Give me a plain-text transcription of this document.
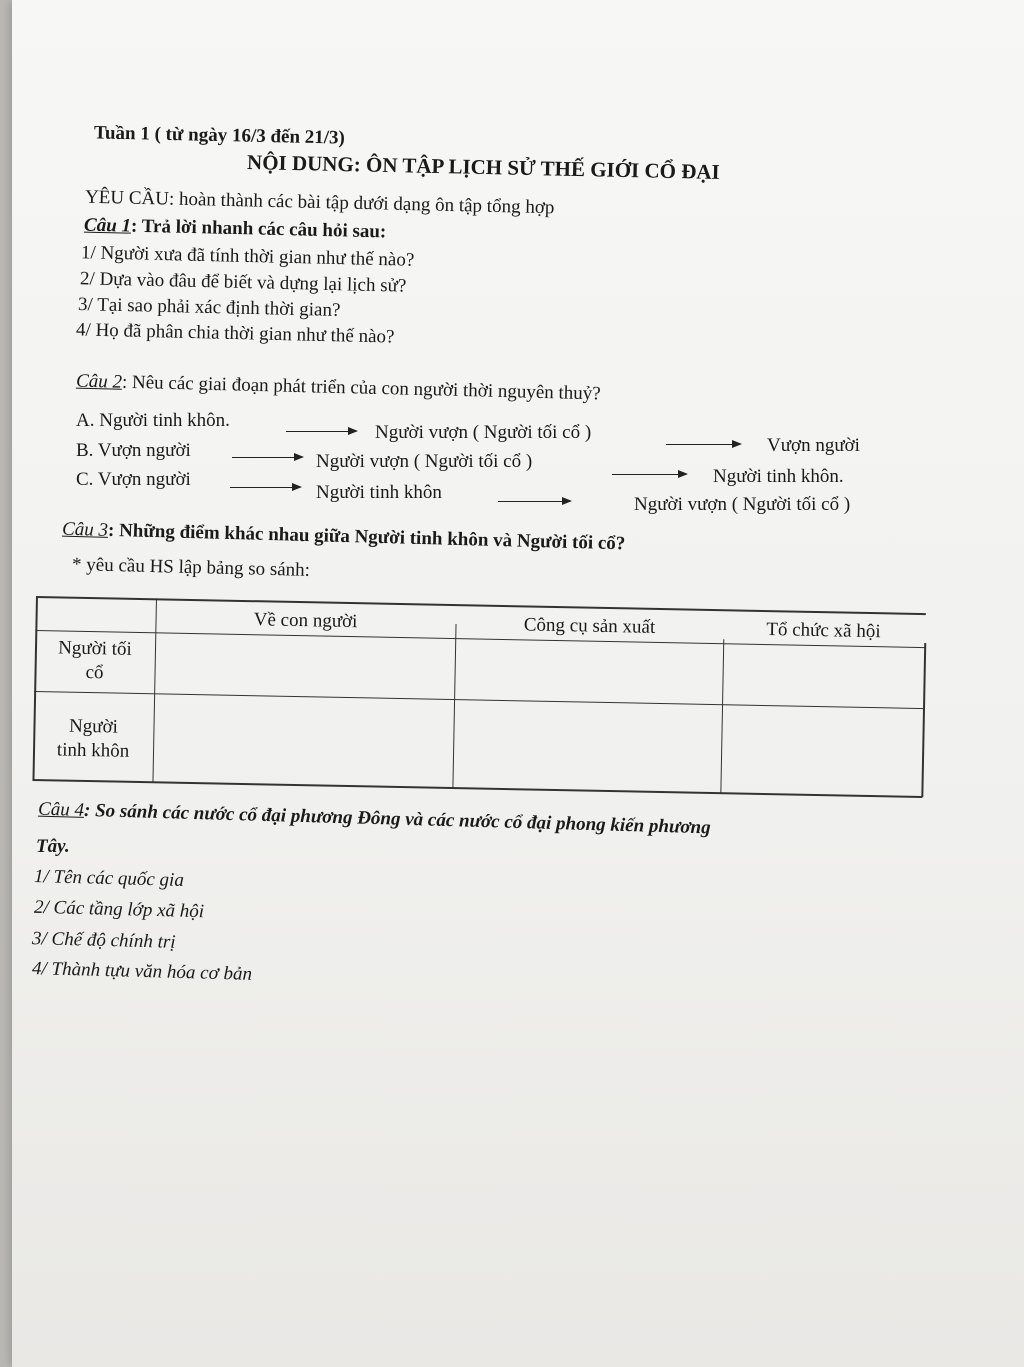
Tuần 1 ( từ ngày 16/3 đến 21/3)
NỘI DUNG: ÔN TẬP LỊCH SỬ THẾ GIỚI CỔ ĐẠI
YÊU CẦU: hoàn thành các bài tập dưới dạng ôn tập tổng hợp
Câu 1: Trả lời nhanh các câu hỏi sau:
1/ Người xưa đã tính thời gian như thế nào?
2/ Dựa vào đâu để biết và dựng lại lịch sử?
3/ Tại sao phải xác định thời gian?
4/ Họ đã phân chia thời gian như thế nào?
Câu 2: Nêu các giai đoạn phát triển của con người thời nguyên thuỷ?
A. Người tinh khôn.
Người vượn ( Người tối cổ )
Vượn người
B. Vượn người
Người vượn ( Người tối cổ )
Người tinh khôn.
C. Vượn người
Người tinh khôn
Người vượn ( Người tối cổ )
Câu 3: Những điểm khác nhau giữa Người tinh khôn và Người tối cổ?
* yêu cầu HS lập bảng so sánh:
Về con người	Công cụ sản xuất	Tổ chức xã hội
Người tối
cổ
Người
tinh khôn
Câu 4: So sánh các nước cổ đại phương Đông và các nước cổ đại phong kiến phương
Tây.
1/ Tên các quốc gia
2/ Các tầng lớp xã hội
3/ Chế độ chính trị
4/ Thành tựu văn hóa cơ bản
